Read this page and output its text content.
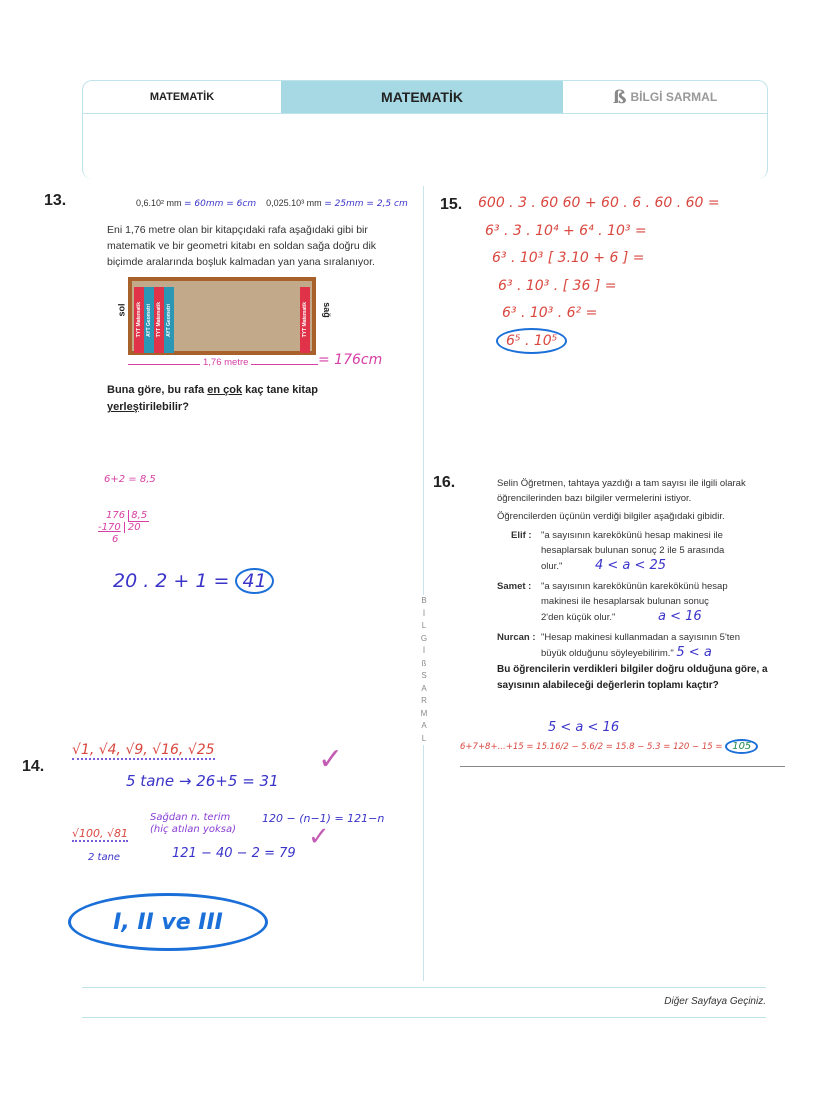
MATEMATİK	MATEMATİK	ß BİLGİ SARMAL
B
İ
L
G
İ
ß
S
A
R
M
A
L
13.	0,6.10² mm = 60mm = 6cm 0,025.10³ mm = 25mm = 2,5 cm
Eni 1,76 metre olan bir kitapçıdaki rafa aşağıdaki gibi bir matematik ve bir geometri kitabı en soldan sağa doğru dik biçimde aralarında boşluk kalmadan yan yana sıralanıyor.
sol	TYT Matematik AYT Geometri TYT Matematik AYT Geometri	TYT Matematik sağ
1,76 metre	= 176cm
Buna göre, bu rafa en çok kaç tane kitap yerleştirilebilir?
6+2 = 8,5
176 8,5
-170 20
6
20 . 2 + 1 = 41
14.
√1, √4, √9, √16, √25
5 tane → 26+5 = 31
✓
√100, √81
2 tane
Sağdan n. terim
(hiç atılan yoksa)
120 − (n−1) = 121−n
121 − 40 − 2 = 79
✓
I, II ve III
15. 600 . 3 . 60 60 + 60 . 6 . 60 . 60 =
6³ . 3 . 10⁴ + 6⁴ . 10³ =
6³ . 10³ [ 3.10 + 6 ] =
6³ . 10³ . [ 36 ] =
6³ . 10³ . 6² =
6⁵ . 10⁵
16.	Selin Öğretmen, tahtaya yazdığı a tam sayısı ile ilgili olarak öğrencilerinden bazı bilgiler vermelerini istiyor.
Öğrencilerden üçünün verdiği bilgiler aşağıdaki gibidir.
Elif : "a sayısının karekökünü hesap makinesi ile hesaplarsak bulunan sonuç 2 ile 5 arasında olur."	4 < a < 25
Samet :	"a sayısının karekökünün karekökünü hesap makinesi ile hesaplarsak bulunan sonuç 2'den küçük olur."	a < 16
Nurcan : "Hesap makinesi kullanmadan a sayısının 5'ten büyük olduğunu söyleyebilirim." 5 < a
Bu öğrencilerin verdikleri bilgiler doğru olduğuna göre, a sayısının alabileceği değerlerin toplamı kaçtır?
5 < a < 16
6+7+8+...+15 = 15.16/2 − 5.6/2 = 15.8 − 5.3 = 120 − 15 = 105
Diğer Sayfaya Geçiniz.
